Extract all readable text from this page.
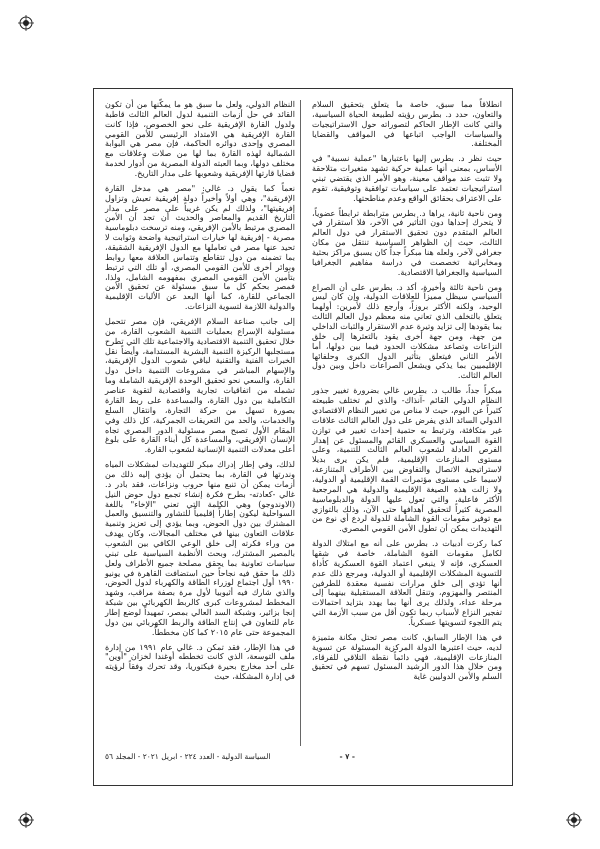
انطلاقاً مما سبق، خاصة ما يتعلق بتحقيق السلام والتعاون، حدد د. بطرس رؤيته لطبيعة الحياة السياسية، والتي كانت الإطار الحاكم لتصوراته حول الاستراتيجيات والسياسات الواجب اتباعها في المواقف والقضايا المختلفة.

حيث نظر د. بطرس إليها باعتبارها "عملية نسبية" في الأساس، بمعنى أنها عملية حركية تشهد متغيرات متلاحقة ولا تثبت عند مواقف معينة، وهو الأمر الذي يقتضي تبني استراتيجيات تعتمد على سياسات توافقية وتوفيقية، تقوم على الاعتراف بحقائق الواقع وعدم مناطحتها.

ومن ناحية ثانية، يراها د. بطرس مترابطة ترابطاً عضوياً، لا يتحرك إحداها دون التأثير في الآخر، فلا استقرار في العالم المتقدم دون تحقيق الاستقرار في دول العالم الثالث، حيث إن الظواهر السياسية تنتقل من مكان جغرافي لآخر، ولعله هنا مبكراً جداً كان يسبق مراكز بحثية ومخابراتية تخصصت في دراسة مفاهيم الجغرافيا السياسية والجغرافيا الاقتصادية.

ومن ناحية ثالثة وأخيرة، أكد د. بطرس على أن الصراع السياسي سيظل مميزاً للعلاقات الدولية، وإن كان ليس الوحيد، ولكنه الأكثر بروزاً، وأرجع ذلك لأمرين: أولهما يتعلق بالتخلف الذي تعاني منه معظم دول العالم الثالث بما يقودها إلى تزايد وتيرة عدم الاستقرار والثبات الداخلي من جهة، ومن جهة أخرى يقود بالتعثرها إلى خلق النزاعات وتصاعد مشكلات الحدود فيما بين دولها، أما الأمر الثاني فيتعلق بتأثير الدول الكبرى وحلفائها الإقليميين بما يذكي ويشعل الصراعات داخل وبين دول العالم الثالث.

مبكراً جداً، طالب د. بطرس غالي بضرورة تغيير جذور النظام الدولي القائم -آنذاك- والذي لم تختلف طبيعته كثيراً عن اليوم، حيث لا مناص من تغيير النظام الاقتصادي الدولي السائد الذي يفرض على دول العالم الثالث علاقات غير متكافئة، وترتبط به حتمية إحداث تغيير في توازن القوة السياسي والعسكري القائم والمسئول عن إهدار الفرص العادلة لشعوب العالم الثالث للتنمية، وعلى مستوى المنازعات الإقليمية، فلم يكن يرى بديلا لاستراتيجية الاتصال والتفاوض بين الأطراف المتنازعة، لاسيما على مستوى مؤتمرات القمة الإقليمية أو الدولية، ولا زالت هذه الصيغة الإقليمية والدولية هي المرجعية الأكثر فاعلية، والتي تعول عليها الدولة والدبلوماسية المصرية كثيراً لتحقيق أهدافها حتى الآن، وذلك بالتوازي مع توفير مقومات القوة الشاملة للدولة لردع أي نوع من التهديدات يمكن أن تطول الأمن القومي المصري.

كما ركزت أدبيات د. بطرس على أنه مع امتلاك الدولة لكامل مقومات القوة الشاملة، خاصة في شقها العسكري، فإنه لا ينبغي اعتماد القوة العسكرية كأداة للتسوية المشكلات الإقليمية أو الدولية، ومرجع ذلك عدم أنها تؤدي إلى خلق مرارات نفسية معقدة للطرفين المنتصر والمهزوم، وتنقل العلاقة المستقبلية بينهما إلى مرحلة عداء، ولذلك يرى أنها بما يهدد بتزايد احتمالات تفجير النزاع لأسباب ربما تكون أقل من سبب الأزمة التي يتم اللجوء لتسويتها عسكرياً.

في هذا الإطار السابق، كانت مصر تحتل مكانة متميزة لديه، حيث اعتبرها الدولة المركزية المسئولة عن تسوية المنازعات الإقليمية، فهي دائماً نقطة التلاقي للفرقاء، ومن خلال هذا الدور الرشيد المسئول تسهم في تحقيق السلم والأمن الدوليين غاية

النظام الدولي، ولعل ما سبق هو ما يمكّنها من أن تكون القائد في حل أزمات التنمية لدول العالم الثالث قاطبة ولدول القارة الإفريقية على نحو الخصوص، فإذا كانت القارة الإفريقية هي الامتداد الرئيسي للأمن القومي المصري وإحدى دوائره الحاكمة، فإن مصر هي البوابة الشمالية لهذه القارة بما لها من صلات وعلاقات مع مختلف دولها، وبما العبته الدولة المصرية من أدوار لخدمة قضايا قارتها الإفريقية وشعوبها على مدار التاريخ.

نعماً كما يقول د. غالي: "مصر هي مدخل القارة الإفريقية"، وهي أولاً وأخيراً دولة إفريقية تعيش وتزاول إفريقيتها"، ولذلك لم يكن غريباً على مصر على مدار التاريخ القديم والمعاصر والحديث أن تجد أن الأمن المصري مرتبط بالأمن الإفريقي، ومنه ترسخت دبلوماسية مصرية - إفريقية لها خيارات استراتيجية واضحة وثوابت لا تحيد عنها مصر في تعاملها مع الدول الإفريقية الشقيقة، بما تضمنه من دول تتقاطع وتتماس العلاقة معها روابط وبوائر أخرى للأمن القومي المصري، أو تلك التي ترتبط بتأمين الأمن القومي المصري بمفهومه الشامل، ولذا، فمصر بحكم كل ما سبق مسئولة عن تحقيق الأمن الجماعي للقارة، كما أنها البعد عن الأليات الإقليمية والدولية اللازمة لتسوية النزاعات.

إلى جانب صناعة السلام الإفريقي، فإن مصر تتحمل مسئولية الإسراع بعمليات التنمية الشعوب القارة، من خلال تحقيق التنمية الاقتصادية والاجتماعية تلك التي تطرح مستجلبها الركيزة التنمية البشرية المستدامة، وأيضاً نقل الخبرات الفنية والتقنية لباقي شعوب الدول الإفريقية، والإسهام المباشر في مشروعات التنمية داخل دول القارة، والسعي نحو تحقيق الوحدة الإفريقية الشاملة وما تشمله من اتفاقيات تجارية واقتصادية لتقوية عناصر التكاملية بين دول القارة، والمساعدة على ربط القارة بصورة تسهل من حركة التجارة، وانتقال السلع والخدمات، والحد من التعريفات الجمركية، كل ذلك وفي المقام الأول تصبح مصر مسئولية الدور المصري تجاه الإنسان الإفريقي، والمساعدة كل أبناء القارة على بلوغ أعلى معدلات التنمية الإنسانية لشعوب القارة.

لذلك، وفي إطار إدراك مبكر للتهديدات لمشكلات المياه وندرتها في القارة، بما يحتمل أن يؤدي إليه ذلك من أزمات يمكن أن تنبع منها حروب ونزاعات، فقد بادر د. غالي -كعادته- بطرح فكرة إنشاء تجمع دول حوض النيل (الاوندوجو) وهي الكلمة التي تعني "الإخاء" باللغة السواحلية ليكون إطاراً إقليمياً للتشاور والتنسيق والعمل المشترك بين دول الحوض، وبما يؤدي إلى تعزيز وتنمية علاقات التعاون بينها في مختلف المجالات، وكان يهدف من وراء فكرته إلى خلق الوعي الكافي بين الشعوب بالمصير المشترك، وبحث الأنظمة السياسية على تبني سياسات تعاونية بما يحقق مصلحة جميع الأطراف ولعل ذلك ما حقق فيه نجاحاً حين استضافت القاهرة في يونيو ١٩٩٠ أول اجتماع لوزراء الطاقة والكهرباء لدول الحوض، والذي شارك فيه أثيوبيا لأول مرة بصفة مراقب، وشهد المخطط لمشروعات كبرى كالربط الكهربائي بين شبكة إنجا بزائير، وشبكة السد العالي بمصر، تمهيداً لوضع إطار عام للتعاون في إنتاج الطاقة والربط الكهربائي بين دول المجموعة حتى عام ٢٠١٥ كما كان مخططاً.

في هذا الإطار، فقد تمكن د. غالي عام ١٩٩١ من إدارة ملف التوسعة، الذي كانت تخططه أوغندا لخزان "أوين" على أحد مخارج بحيرة فيكتوريا، وقد تحرك وفقاً لرؤيته في إدارة المشكلة، حيث

- ٧ -
السياسة الدولية - العدد ٢٢٤ - ابريل ٢٠٢١ - المجلد ٥٦
